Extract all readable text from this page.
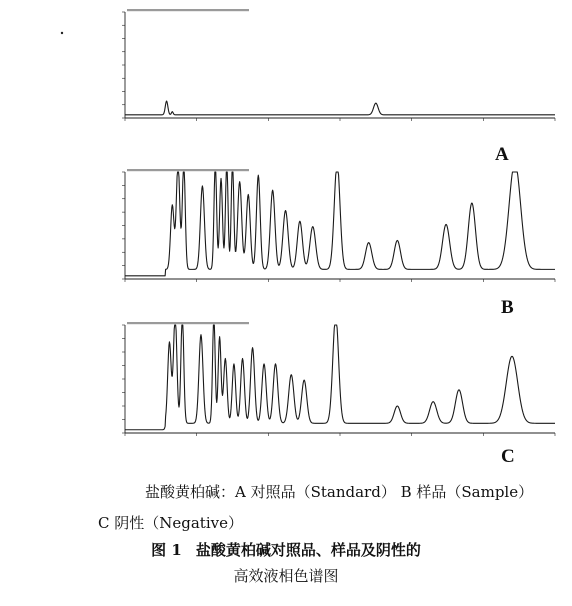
A
B
C
盐酸黄柏碱：A 对照品（Standard） B 样品（Sample）
C 阴性（Negative）
图 1 盐酸黄柏碱对照品、样品及阴性的
高效液相色谱图
